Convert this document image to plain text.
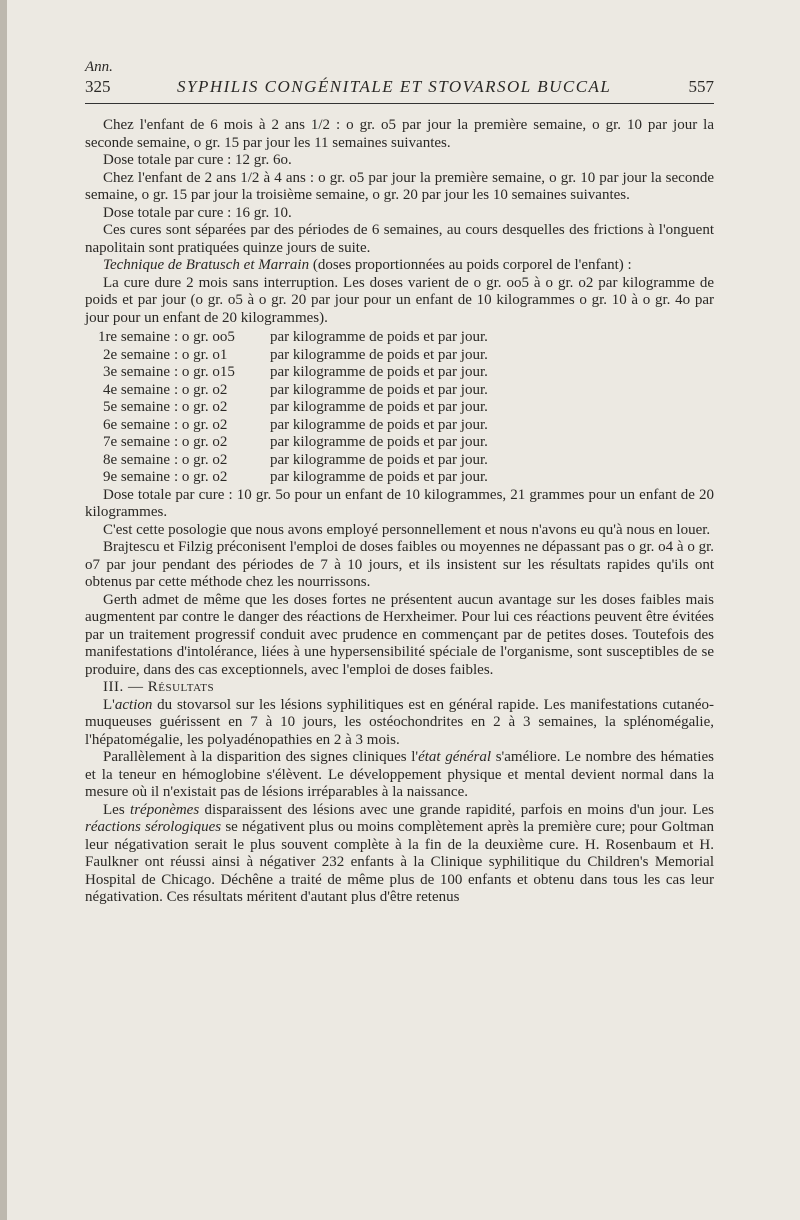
Ann.
325	SYPHILIS CONGÉNITALE ET STOVARSOL BUCCAL	557

Chez l'enfant de 6 mois à 2 ans 1/2 : o gr. o5 par jour la première semaine, o gr. 10 par jour la seconde semaine, o gr. 15 par jour les 11 semaines suivantes.

Dose totale par cure : 12 gr. 6o.

Chez l'enfant de 2 ans 1/2 à 4 ans : o gr. o5 par jour la première semaine, o gr. 10 par jour la seconde semaine, o gr. 15 par jour la troisième semaine, o gr. 20 par jour les 10 semaines suivantes.

Dose totale par cure : 16 gr. 10.

Ces cures sont séparées par des périodes de 6 semaines, au cours desquelles des frictions à l'onguent napolitain sont pratiquées quinze jours de suite.

Technique de Bratusch et Marrain (doses proportionnées au poids corporel de l'enfant) :

La cure dure 2 mois sans interruption. Les doses varient de o gr. oo5 à o gr. o2 par kilogramme de poids et par jour (o gr. o5 à o gr. 20 par jour pour un enfant de 10 kilogrammes o gr. 10 à o gr. 4o par jour pour un enfant de 20 kilogrammes).

1re semaine : o gr. oo5	par kilogramme de poids et par jour.
2e semaine : o gr. o1	par kilogramme de poids et par jour.
3e semaine : o gr. o15	par kilogramme de poids et par jour.
4e semaine : o gr. o2	par kilogramme de poids et par jour.
5e semaine : o gr. o2	par kilogramme de poids et par jour.
6e semaine : o gr. o2	par kilogramme de poids et par jour.
7e semaine : o gr. o2	par kilogramme de poids et par jour.
8e semaine : o gr. o2	par kilogramme de poids et par jour.
9e semaine : o gr. o2	par kilogramme de poids et par jour.

Dose totale par cure : 10 gr. 5o pour un enfant de 10 kilogrammes, 21 grammes pour un enfant de 20 kilogrammes.

C'est cette posologie que nous avons employé personnellement et nous n'avons eu qu'à nous en louer.

Brajtescu et Filzig préconisent l'emploi de doses faibles ou moyennes ne dépassant pas o gr. o4 à o gr. o7 par jour pendant des périodes de 7 à 10 jours, et ils insistent sur les résultats rapides qu'ils ont obtenus par cette méthode chez les nourrissons.

Gerth admet de même que les doses fortes ne présentent aucun avantage sur les doses faibles mais augmentent par contre le danger des réactions de Herxheimer. Pour lui ces réactions peuvent être évitées par un traitement progressif conduit avec prudence en commençant par de petites doses. Toutefois des manifestations d'intolérance, liées à une hypersensibilité spéciale de l'organisme, sont susceptibles de se produire, dans des cas exceptionnels, avec l'emploi de doses faibles.

III. — Résultats

L'action du stovarsol sur les lésions syphilitiques est en général rapide. Les manifestations cutanéo-muqueuses guérissent en 7 à 10 jours, les ostéochondrites en 2 à 3 semaines, la splénomégalie, l'hépatomégalie, les polyadénopathies en 2 à 3 mois.

Parallèlement à la disparition des signes cliniques l'état général s'améliore. Le nombre des hématies et la teneur en hémoglobine s'élèvent. Le développement physique et mental devient normal dans la mesure où il n'existait pas de lésions irréparables à la naissance.

Les tréponèmes disparaissent des lésions avec une grande rapidité, parfois en moins d'un jour. Les réactions sérologiques se négativent plus ou moins complètement après la première cure; pour Goltman leur négativation serait le plus souvent complète à la fin de la deuxième cure. H. Rosenbaum et H. Faulkner ont réussi ainsi à négativer 232 enfants à la Clinique syphilitique du Children's Memorial Hospital de Chicago. Déchêne a traité de même plus de 100 enfants et obtenu dans tous les cas leur négativation. Ces résultats méritent d'autant plus d'être retenus
